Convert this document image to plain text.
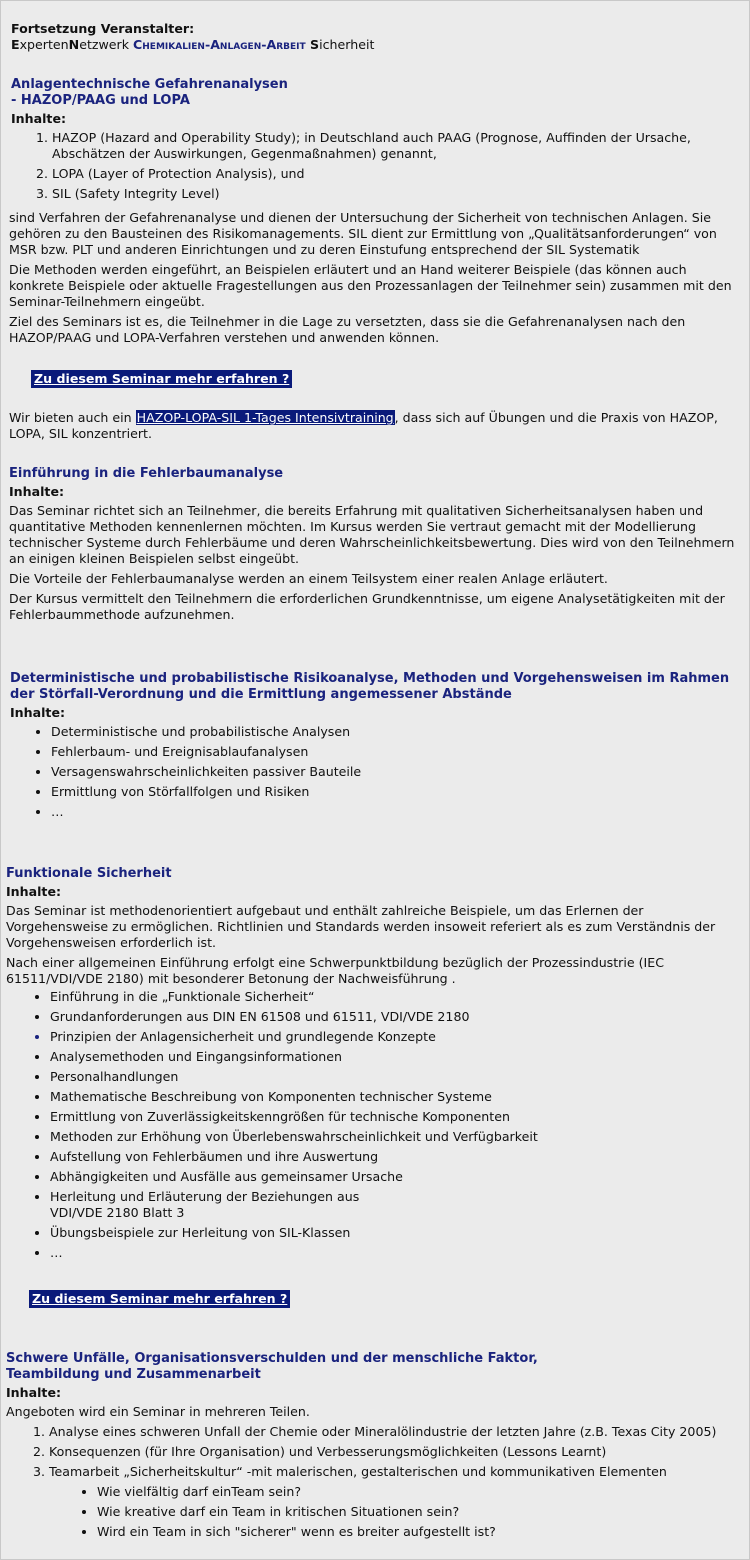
Fortsetzung Veranstalter:
ExpertenNetzwerk Chemikalien-Anlagen-Arbeit Sicherheit
Anlagentechnische Gefahrenanalysen
- HAZOP/PAAG und LOPA
Inhalte:
1. HAZOP (Hazard and Operability Study); in Deutschland auch PAAG (Prognose, Auffinden der Ursache, Abschätzen der Auswirkungen, Gegenmaßnahmen) genannt,
2. LOPA (Layer of Protection Analysis), und
3. SIL (Safety Integrity Level)

sind Verfahren der Gefahrenanalyse und dienen der Untersuchung der Sicherheit von technischen Anlagen. Sie gehören zu den Bausteinen des Risikomanagements. SIL dient zur Ermittlung von „Qualitätsanforderungen“ von MSR bzw. PLT und anderen Einrichtungen und zu deren Einstufung entsprechend der SIL Systematik

Die Methoden werden eingeführt, an Beispielen erläutert und an Hand weiterer Beispiele (das können auch konkrete Beispiele oder aktuelle Fragestellungen aus den Prozessanlagen der Teilnehmer sein) zusammen mit den Seminar-Teilnehmern eingeübt.

Ziel des Seminars ist es, die Teilnehmer in die Lage zu versetzten, dass sie die Gefahrenanalysen nach den HAZOP/PAAG und LOPA-Verfahren verstehen und anwenden können.

Zu diesem Seminar mehr erfahren ?
Wir bieten auch ein HAZOP-LOPA-SIL 1-Tages Intensivtraining, dass sich auf Übungen und die Praxis von HAZOP, LOPA, SIL konzentriert.
Einführung in die Fehlerbaumanalyse
Inhalte:

Das Seminar richtet sich an Teilnehmer, die bereits Erfahrung mit qualitativen Sicherheitsanalysen haben und quantitative Methoden kennenlernen möchten. Im Kursus werden Sie vertraut gemacht mit der Modellierung technischer Systeme durch Fehlerbäume und deren Wahrscheinlichkeitsbewertung. Dies wird von den Teilnehmern an einigen kleinen Beispielen selbst eingeübt.

Die Vorteile der Fehlerbaumanalyse werden an einem Teilsystem einer realen Anlage erläutert.

Der Kursus vermittelt den Teilnehmern die erforderlichen Grundkenntnisse, um eigene Analysetätigkeiten mit der Fehlerbaummethode aufzunehmen.

Deterministische und probabilistische Risikoanalyse, Methoden und Vorgehensweisen im Rahmen der Störfall-Verordnung und die Ermittlung angemessener Abstände
Inhalte:
• Deterministische und probabilistische Analysen
• Fehlerbaum- und Ereignisablaufanalysen
• Versagenswahrscheinlichkeiten passiver Bauteile
• Ermittlung von Störfallfolgen und Risiken
• …
Funktionale Sicherheit
Inhalte:

Das Seminar ist methodenorientiert aufgebaut und enthält zahlreiche Beispiele, um das Erlernen der Vorgehensweise zu ermöglichen. Richtlinien und Standards werden insoweit referiert als es zum Verständnis der Vorgehensweisen erforderlich ist.

Nach einer allgemeinen Einführung erfolgt eine Schwerpunktbildung bezüglich der Prozessindustrie (IEC 61511/VDI/VDE 2180) mit besonderer Betonung der Nachweisführung .

• Einführung in die „Funktionale Sicherheit“
• Grundanforderungen aus DIN EN 61508 und 61511, VDI/VDE 2180
• Prinzipien der Anlagensicherheit und grundlegende Konzepte
• Analysemethoden und Eingangsinformationen
• Personalhandlungen
• Mathematische Beschreibung von Komponenten technischer Systeme
• Ermittlung von Zuverlässigkeitskenngrößen für technische Komponenten
• Methoden zur Erhöhung von Überlebenswahrscheinlichkeit und Verfügbarkeit
• Aufstellung von Fehlerbäumen und ihre Auswertung
• Abhängigkeiten und Ausfälle aus gemeinsamer Ursache
• Herleitung und Erläuterung der Beziehungen aus
VDI/VDE 2180 Blatt 3
• Übungsbeispiele zur Herleitung von SIL-Klassen
• …
Zu diesem Seminar mehr erfahren ?
Schwere Unfälle, Organisationsverschulden und der menschliche Faktor,
Teambildung und Zusammenarbeit
Inhalte:

Angeboten wird ein Seminar in mehreren Teilen.

1. Analyse eines schweren Unfall der Chemie oder Mineralölindustrie der letzten Jahre (z.B. Texas City 2005)
2. Konsequenzen (für Ihre Organisation) und Verbesserungsmöglichkeiten (Lessons Learnt)
3. Teamarbeit „Sicherheitskultur“ -mit malerischen, gestalterischen und kommunikativen Elementen
• Wie vielfältig darf einTeam sein?
• Wie kreative darf ein Team in kritischen Situationen sein?
• Wird ein Team in sich "sicherer" wenn es breiter aufgestellt ist?
